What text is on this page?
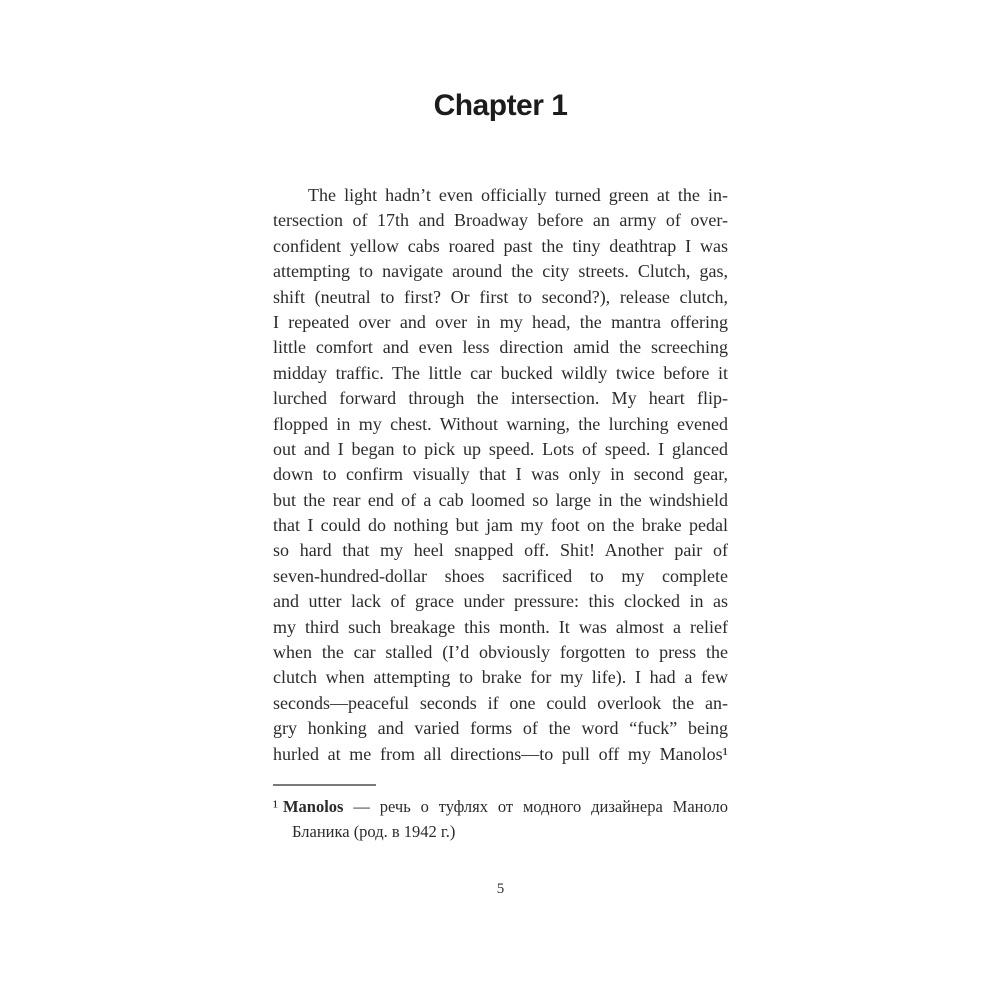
Chapter 1
The light hadn’t even officially turned green at the in-
tersection of 17th and Broadway before an army of over-
confident yellow cabs roared past the tiny deathtrap I was
attempting to navigate around the city streets. Clutch, gas,
shift (neutral to first? Or first to second?), release clutch,
I repeated over and over in my head, the mantra offering
little comfort and even less direction amid the screeching
midday traffic. The little car bucked wildly twice before it
lurched forward through the intersection. My heart flip-
flopped in my chest. Without warning, the lurching evened
out and I began to pick up speed. Lots of speed. I glanced
down to confirm visually that I was only in second gear,
but the rear end of a cab loomed so large in the windshield
that I could do nothing but jam my foot on the brake pedal
so hard that my heel snapped off. Shit! Another pair of
seven-hundred-dollar shoes sacrificed to my complete
and utter lack of grace under pressure: this clocked in as
my third such breakage this month. It was almost a relief
when the car stalled (I’d obviously forgotten to press the
clutch when attempting to brake for my life). I had a few
seconds—peaceful seconds if one could overlook the an-
gry honking and varied forms of the word “fuck” being
hurled at me from all directions—to pull off my Manolos¹
¹ Manolos — речь о туфлях от модного дизайнера Маноло
Бланика (род. в 1942 г.)
5
